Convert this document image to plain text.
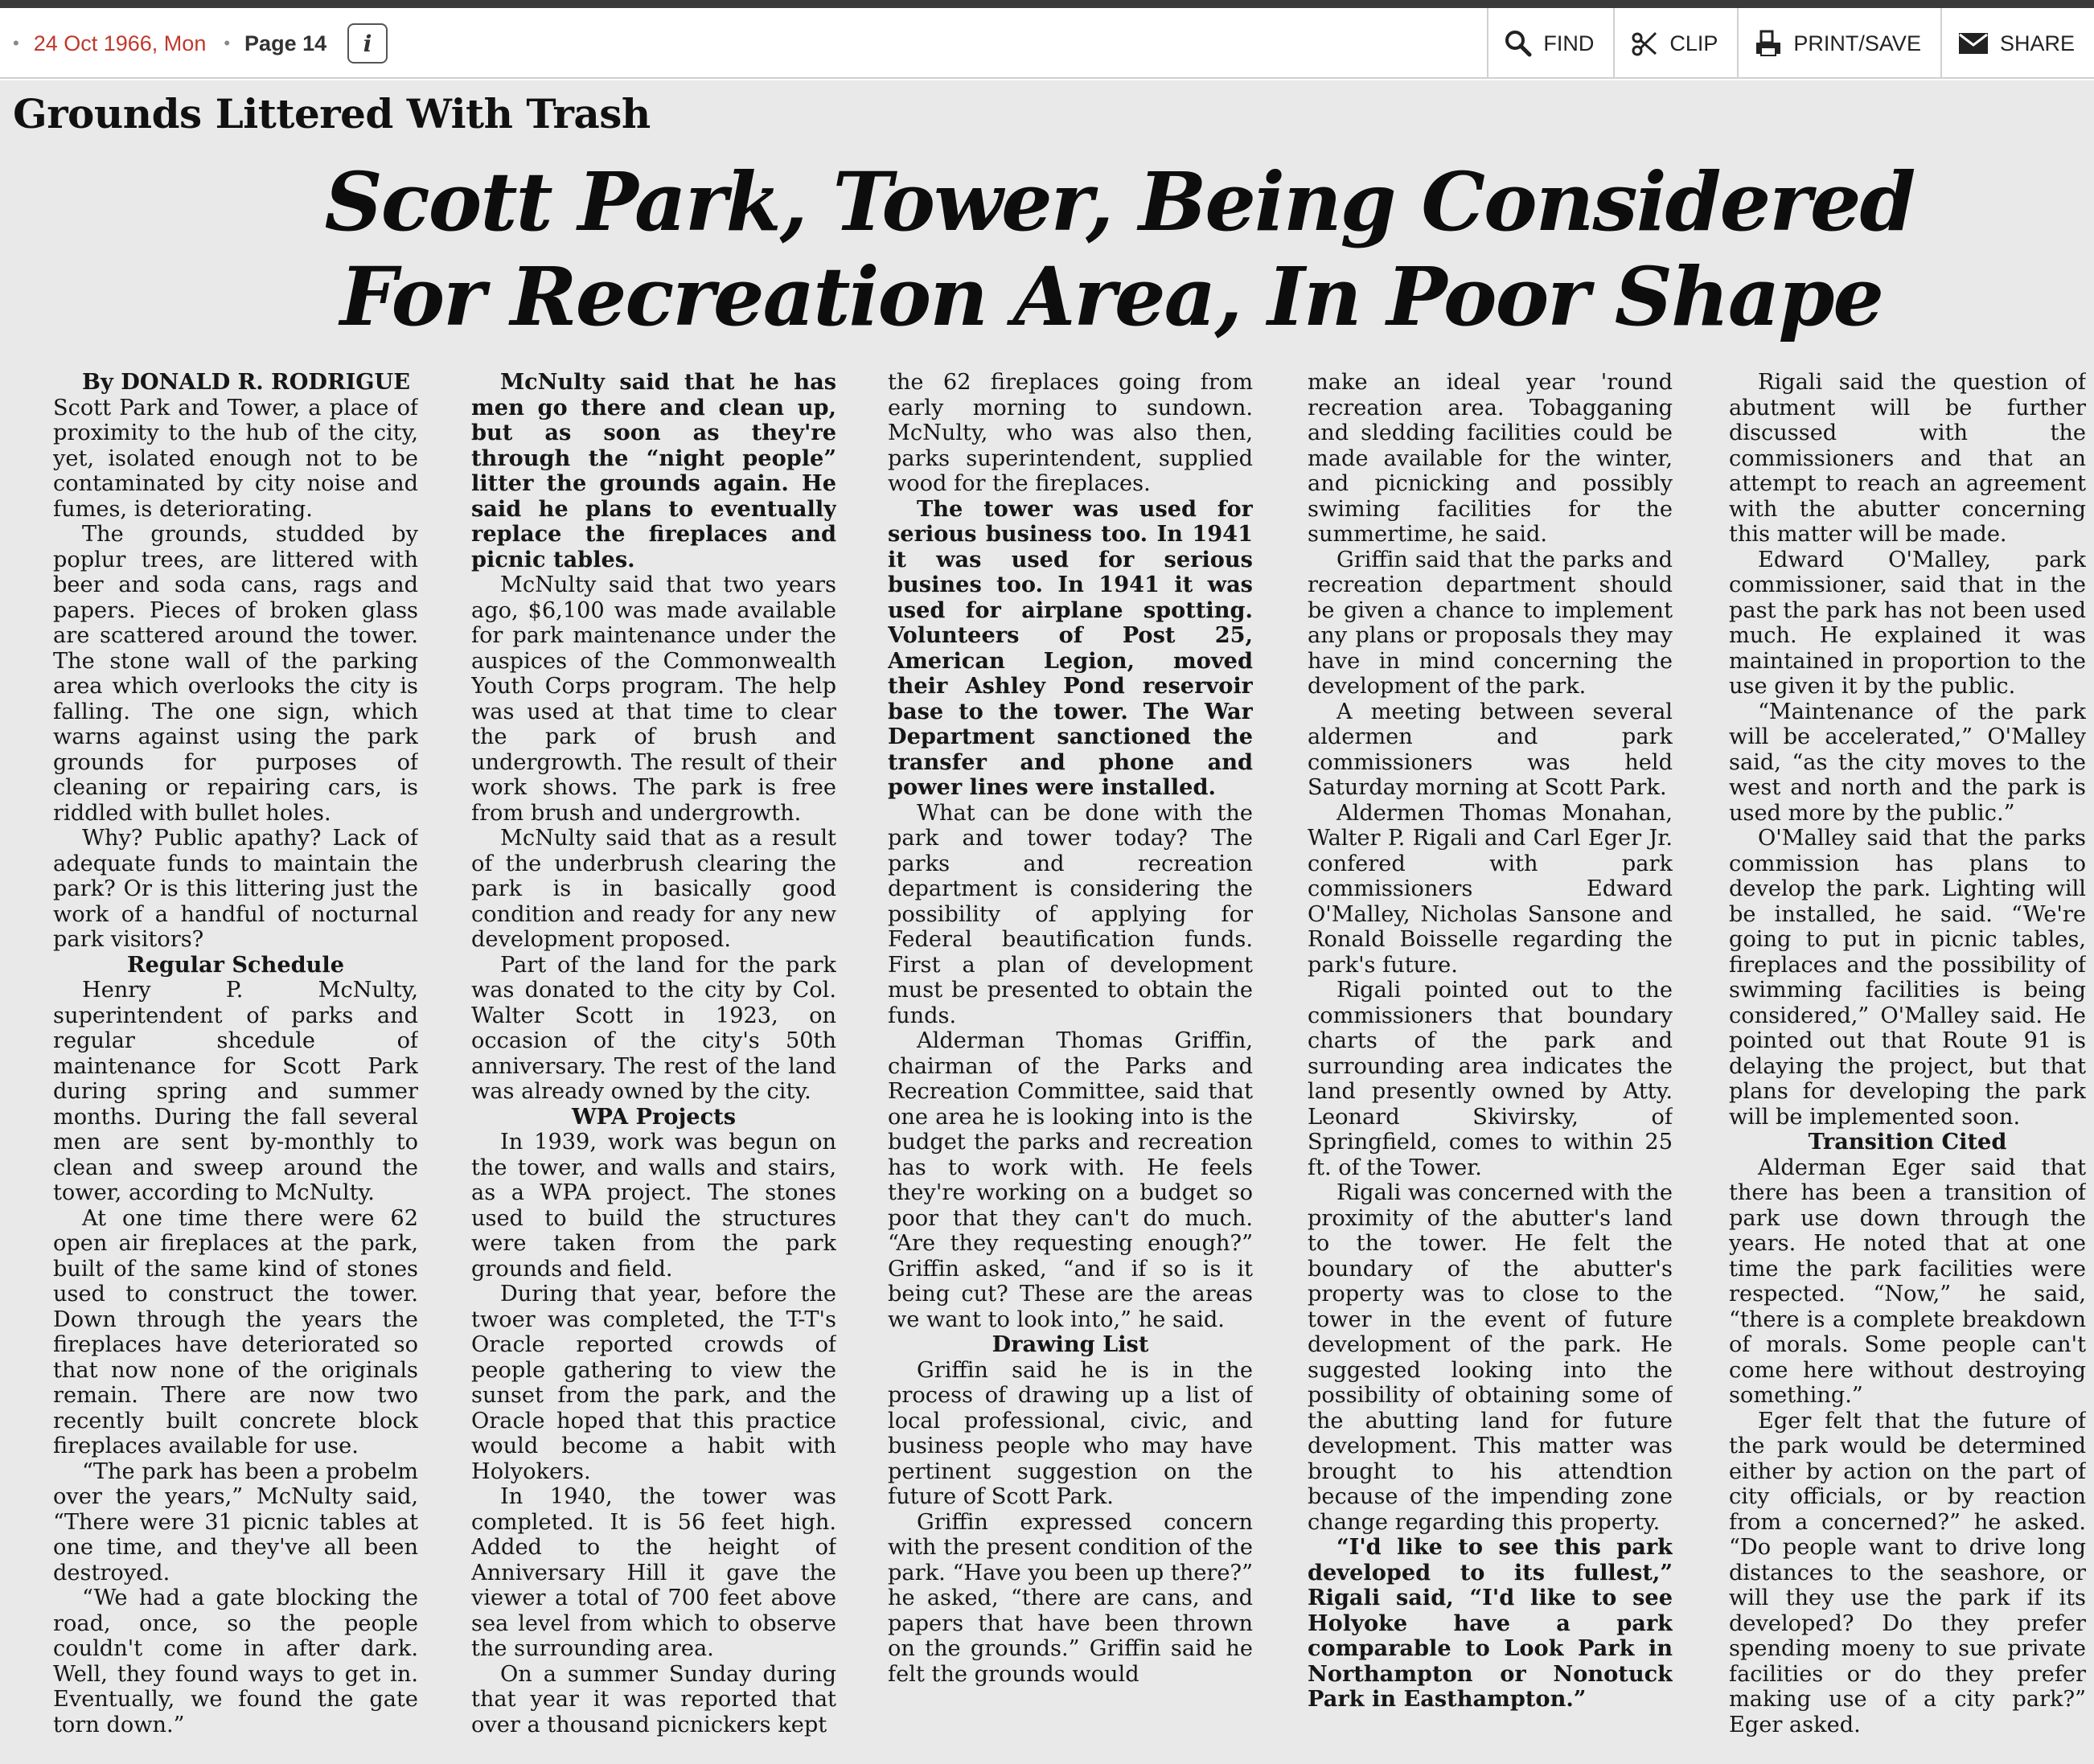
• 24 Oct 1966, Mon • Page 14	i	FIND	CLIP	PRINT/SAVE	SHARE
Grounds Littered With Trash
Scott Park, Tower, Being Considered
For Recreation Area, In Poor Shape

By DONALD R. RODRIGUE

Scott Park and Tower, a place of proximity to the hub of the city, yet, isolated enough not to be contaminated by city noise and fumes, is deteriorating.

The grounds, studded by poplur trees, are littered with beer and soda cans, rags and papers. Pieces of broken glass are scattered around the tower. The stone wall of the parking area which overlooks the city is falling. The one sign, which warns against using the park grounds for purposes of cleaning or repairing cars, is riddled with bullet holes.

Why? Public apathy? Lack of adequate funds to maintain the park? Or is this littering just the work of a handful of nocturnal park visitors?

Regular Schedule

Henry P. McNulty, superintendent of parks and regular shcedule of maintenance for Scott Park during spring and summer months. During the fall several men are sent by-monthly to clean and sweep around the tower, according to McNulty.

At one time there were 62 open air fireplaces at the park, built of the same kind of stones used to construct the tower. Down through the years the fireplaces have deteriorated so that now none of the originals remain. There are now two recently built concrete block fireplaces available for use.

“The park has been a probelm over the years,” McNulty said, “There were 31 picnic tables at one time, and they've all been destroyed.

“We had a gate blocking the road, once, so the people couldn't come in after dark. Well, they found ways to get in. Eventually, we found the gate torn down.”

McNulty said that he has men go there and clean up, but as soon as they're through the “night people” litter the grounds again. He said he plans to eventually replace the fireplaces and picnic tables.

McNulty said that two years ago, $6,100 was made available for park maintenance under the auspices of the Commonwealth Youth Corps program. The help was used at that time to clear the park of brush and undergrowth. The result of their work shows. The park is free from brush and undergrowth.

McNulty said that as a result of the underbrush clearing the park is in basically good condition and ready for any new development proposed.

Part of the land for the park was donated to the city by Col. Walter Scott in 1923, on occasion of the city's 50th anniversary. The rest of the land was already owned by the city.

WPA Projects

In 1939, work was begun on the tower, and walls and stairs, as a WPA project. The stones used to build the structures were taken from the park grounds and field.

During that year, before the twoer was completed, the T-T's Oracle reported crowds of people gathering to view the sunset from the park, and the Oracle hoped that this practice would become a habit with Holyokers.

In 1940, the tower was completed. It is 56 feet high. Added to the height of Anniversary Hill it gave the viewer a total of 700 feet above sea level from which to observe the surrounding area.

On a summer Sunday during that year it was reported that over a thousand picnickers kept

the 62 fireplaces going from early morning to sundown. McNulty, who was also then, parks superintendent, supplied wood for the fireplaces.

The tower was used for serious business too. In 1941 it was used for serious busines too. In 1941 it was used for airplane spotting. Volunteers of Post 25, American Legion, moved their Ashley Pond reservoir base to the tower. The War Department sanctioned the transfer and phone and power lines were installed.

What can be done with the park and tower today? The parks and recreation department is considering the possibility of applying for Federal beautification funds. First a plan of development must be presented to obtain the funds.

Alderman Thomas Griffin, chairman of the Parks and Recreation Committee, said that one area he is looking into is the budget the parks and recreation has to work with. He feels they're working on a budget so poor that they can't do much. “Are they requesting enough?” Griffin asked, “and if so is it being cut? These are the areas we want to look into,” he said.

Drawing List

Griffin said he is in the process of drawing up a list of local professional, civic, and business people who may have pertinent suggestion on the future of Scott Park.

Griffin expressed concern with the present condition of the park. “Have you been up there?” he asked, “there are cans, and papers that have been thrown on the grounds.” Griffin said he felt the grounds would

make an ideal year 'round recreation area. Tobagganing and sledding facilities could be made available for the winter, and picnicking and possibly swiming facilities for the summertime, he said.

Griffin said that the parks and recreation department should be given a chance to implement any plans or proposals they may have in mind concerning the development of the park.

A meeting between several aldermen and park commissioners was held Saturday morning at Scott Park.

Aldermen Thomas Monahan, Walter P. Rigali and Carl Eger Jr. confered with park commissioners Edward O'Malley, Nicholas Sansone and Ronald Boisselle regarding the park's future.

Rigali pointed out to the commissioners that boundary charts of the park and surrounding area indicates the land presently owned by Atty. Leonard Skivirsky, of Springfield, comes to within 25 ft. of the Tower.

Rigali was concerned with the proximity of the abutter's land to the tower. He felt the boundary of the abutter's property was to close to the tower in the event of future development of the park. He suggested looking into the possibility of obtaining some of the abutting land for future development. This matter was brought to his attendtion because of the impending zone change regarding this property.

“I'd like to see this park developed to its fullest,” Rigali said, “I'd like to see Holyoke have a park comparable to Look Park in Northampton or Nonotuck Park in Easthampton.”

Rigali said the question of abutment will be further discussed with the commissioners and that an attempt to reach an agreement with the abutter concerning this matter will be made.

Edward O'Malley, park commissioner, said that in the past the park has not been used much. He explained it was maintained in proportion to the use given it by the public.

“Maintenance of the park will be accelerated,” O'Malley said, “as the city moves to the west and north and the park is used more by the public.”

O'Malley said that the parks commission has plans to develop the park. Lighting will be installed, he said. “We're going to put in picnic tables, fireplaces and the possibility of swimming facilities is being considered,” O'Malley said. He pointed out that Route 91 is delaying the project, but that plans for developing the park will be implemented soon.

Transition Cited

Alderman Eger said that there has been a transition of park use down through the years. He noted that at one time the park facilities were respected. “Now,” he said, “there is a complete breakdown of morals. Some people can't come here without destroying something.”

Eger felt that the future of the park would be determined either by action on the part of city officials, or by reaction from a concerned?” he asked. “Do people want to drive long distances to the seashore, or will they use the park if its developed? Do they prefer spending moeny to sue private facilities or do they prefer making use of a city park?” Eger asked.
